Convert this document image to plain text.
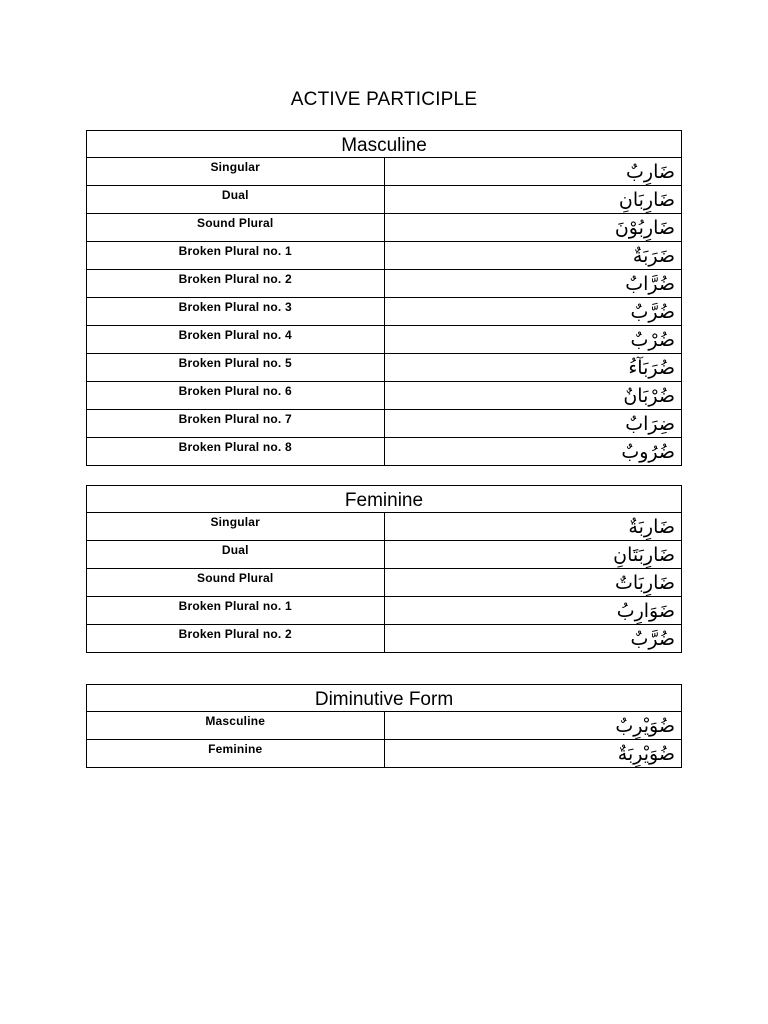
ACTIVE PARTICIPLE
Masculine	
Singular	ضَارِبٌ
Dual	ضَارِبَانِ
Sound Plural	ضَارِبُوْنَ
Broken Plural no. 1	ضَرَبَةٌ
Broken Plural no. 2	ضُرَّابٌ
Broken Plural no. 3	ضُرَّبٌ
Broken Plural no. 4	ضُرْبٌ
Broken Plural no. 5	ضُرَبَآءُ
Broken Plural no. 6	ضُرْبَانٌ
Broken Plural no. 7	ضِرَابٌ
Broken Plural no. 8	ضُرُوبٌ
Feminine	
Singular	ضَارِبَةٌ
Dual	ضَارِبَتَانِ
Sound Plural	ضَارِبَاتٌ
Broken Plural no. 1	ضَوَارِبُ
Broken Plural no. 2	ضُرَّبٌ
Diminutive Form	
Masculine	ضُوَيْرِبٌ
Feminine	ضُوَيْرِبَةٌ
